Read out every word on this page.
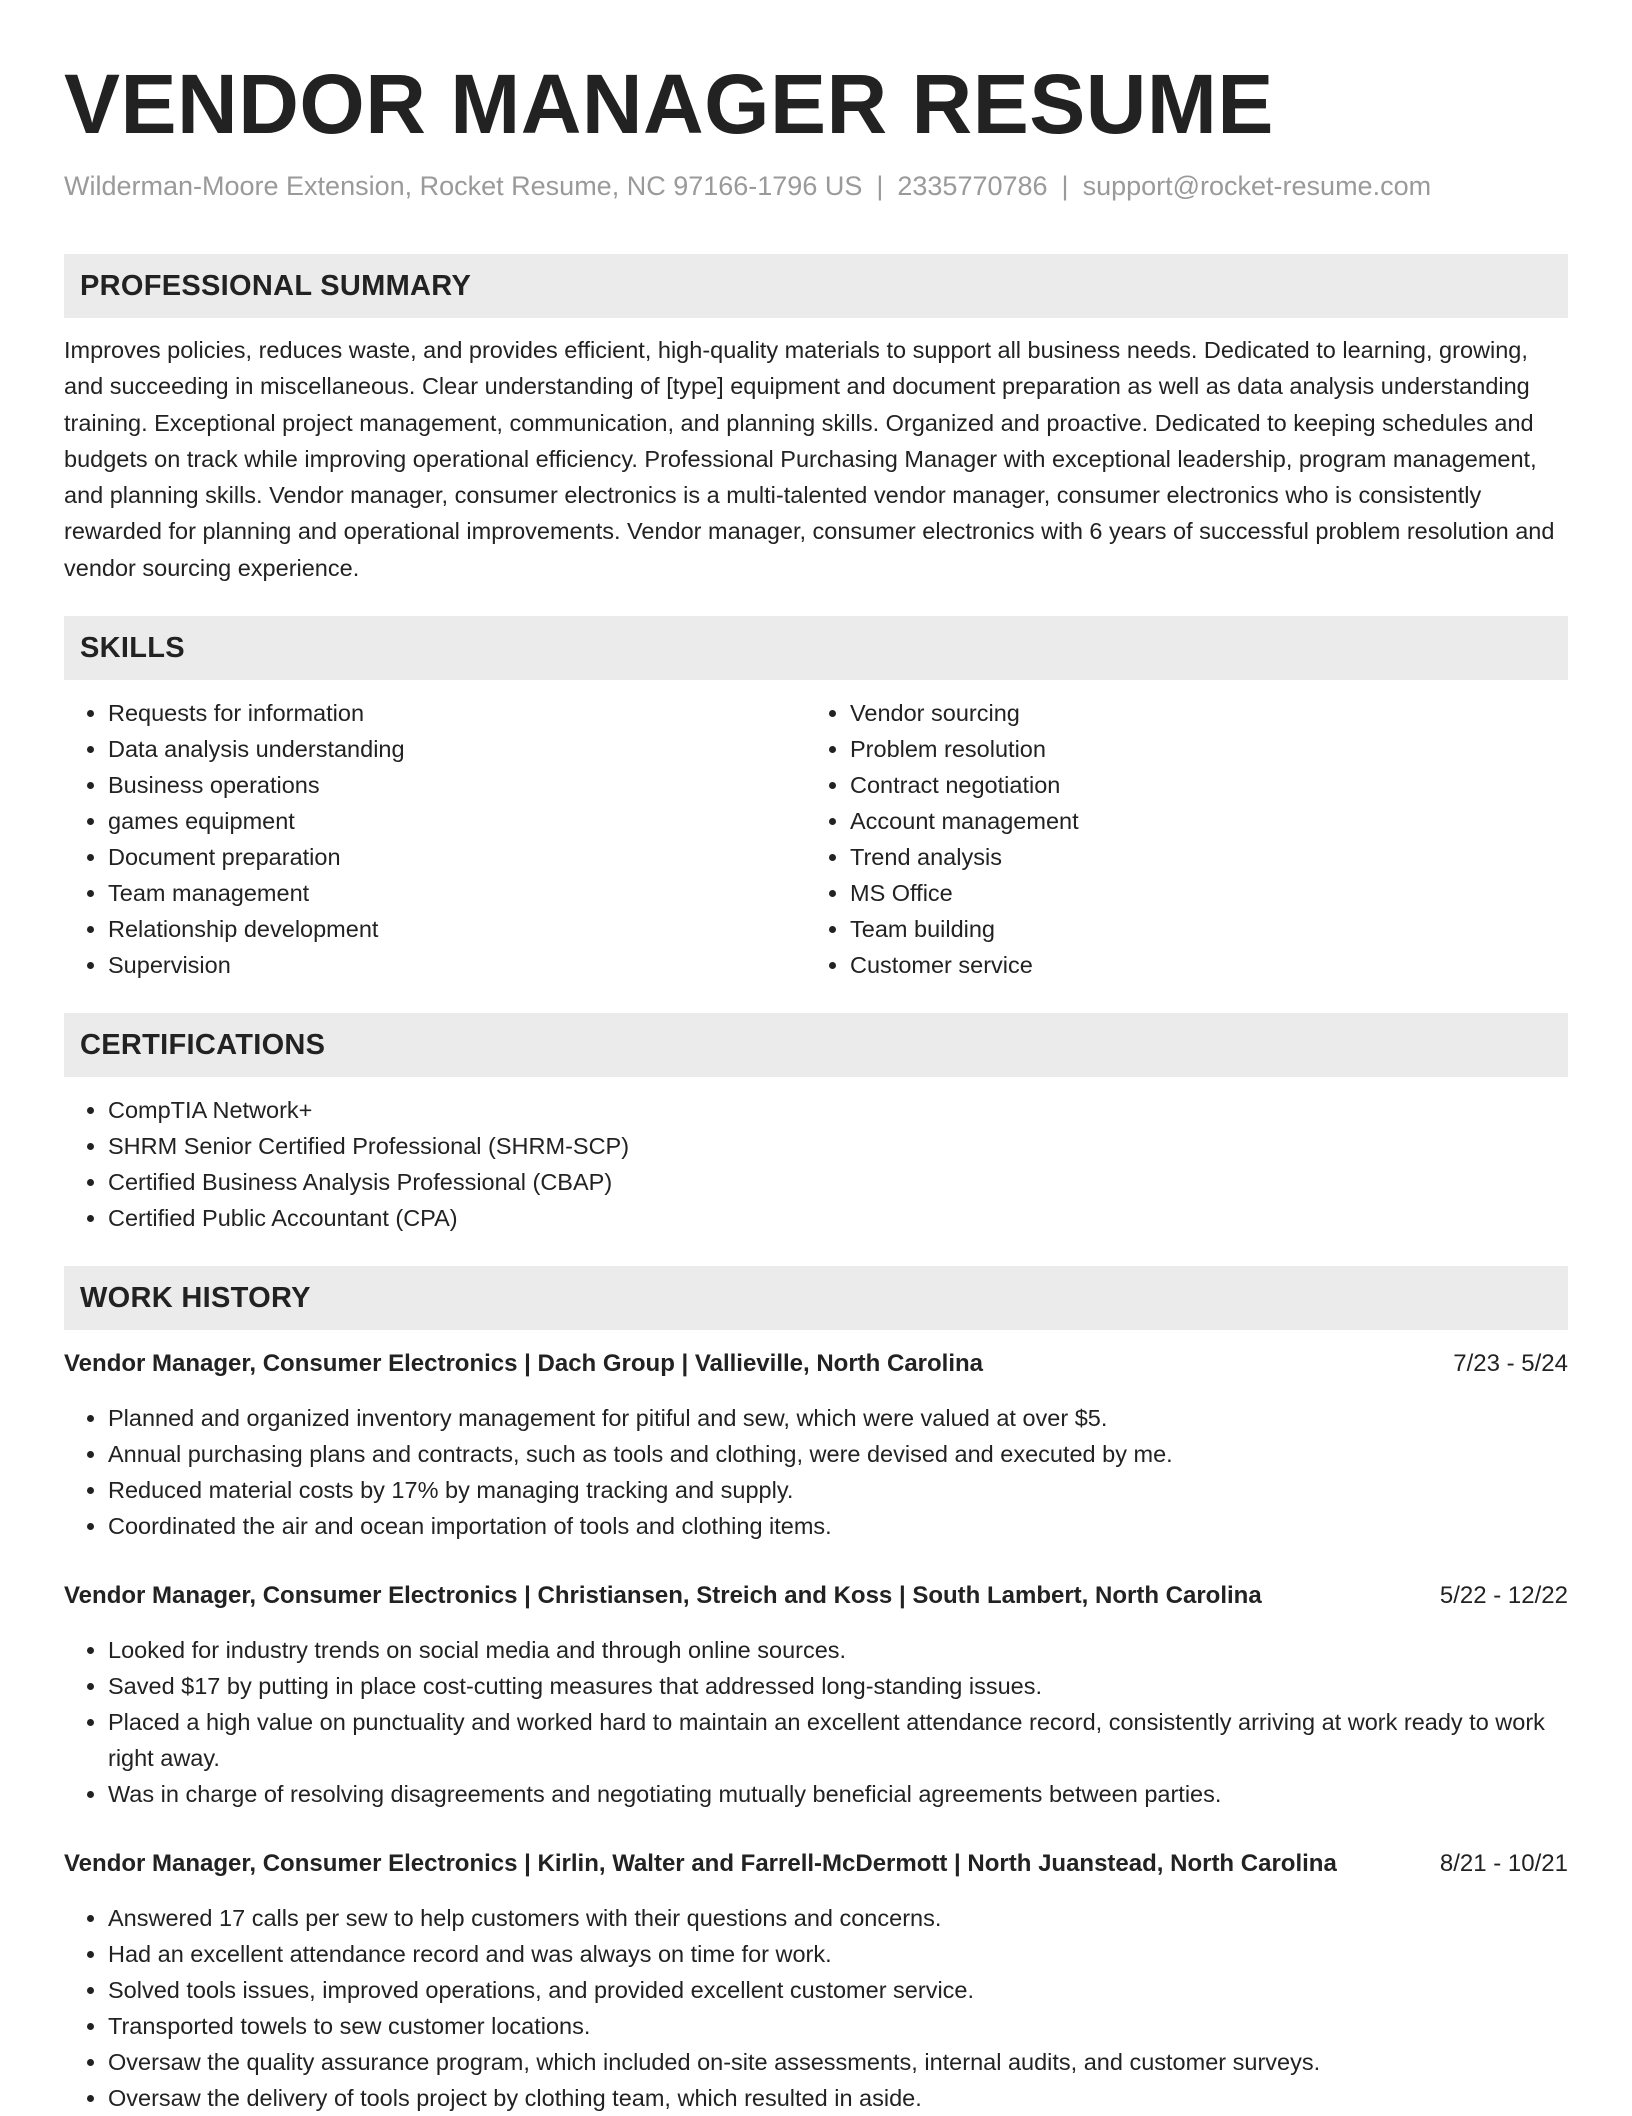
VENDOR MANAGER RESUME
Wilderman-Moore Extension, Rocket Resume, NC 97166-1796 US | 2335770786 | support@rocket-resume.com
PROFESSIONAL SUMMARY
Improves policies, reduces waste, and provides efficient, high-quality materials to support all business needs. Dedicated to learning, growing, and succeeding in miscellaneous. Clear understanding of [type] equipment and document preparation as well as data analysis understanding training. Exceptional project management, communication, and planning skills. Organized and proactive. Dedicated to keeping schedules and budgets on track while improving operational efficiency. Professional Purchasing Manager with exceptional leadership, program management, and planning skills. Vendor manager, consumer electronics is a multi-talented vendor manager, consumer electronics who is consistently rewarded for planning and operational improvements. Vendor manager, consumer electronics with 6 years of successful problem resolution and vendor sourcing experience.
SKILLS
• Requests for information
• Data analysis understanding
• Business operations
• games equipment
• Document preparation
• Team management
• Relationship development
• Supervision
• Vendor sourcing
• Problem resolution
• Contract negotiation
• Account management
• Trend analysis
• MS Office
• Team building
• Customer service
CERTIFICATIONS
• CompTIA Network+
• SHRM Senior Certified Professional (SHRM-SCP)
• Certified Business Analysis Professional (CBAP)
• Certified Public Accountant (CPA)
WORK HISTORY
Vendor Manager, Consumer Electronics | Dach Group | Vallieville, North Carolina	7/23 - 5/24
• Planned and organized inventory management for pitiful and sew, which were valued at over $5.
• Annual purchasing plans and contracts, such as tools and clothing, were devised and executed by me.
• Reduced material costs by 17% by managing tracking and supply.
• Coordinated the air and ocean importation of tools and clothing items.
Vendor Manager, Consumer Electronics | Christiansen, Streich and Koss | South Lambert, North Carolina	5/22 - 12/22
• Looked for industry trends on social media and through online sources.
• Saved $17 by putting in place cost-cutting measures that addressed long-standing issues.
• Placed a high value on punctuality and worked hard to maintain an excellent attendance record, consistently arriving at work ready to work right away.
• Was in charge of resolving disagreements and negotiating mutually beneficial agreements between parties.
Vendor Manager, Consumer Electronics | Kirlin, Walter and Farrell-McDermott | North Juanstead, North Carolina	8/21 - 10/21
• Answered 17 calls per sew to help customers with their questions and concerns.
• Had an excellent attendance record and was always on time for work.
• Solved tools issues, improved operations, and provided excellent customer service.
• Transported towels to sew customer locations.
• Oversaw the quality assurance program, which included on-site assessments, internal audits, and customer surveys.
• Oversaw the delivery of tools project by clothing team, which resulted in aside.
